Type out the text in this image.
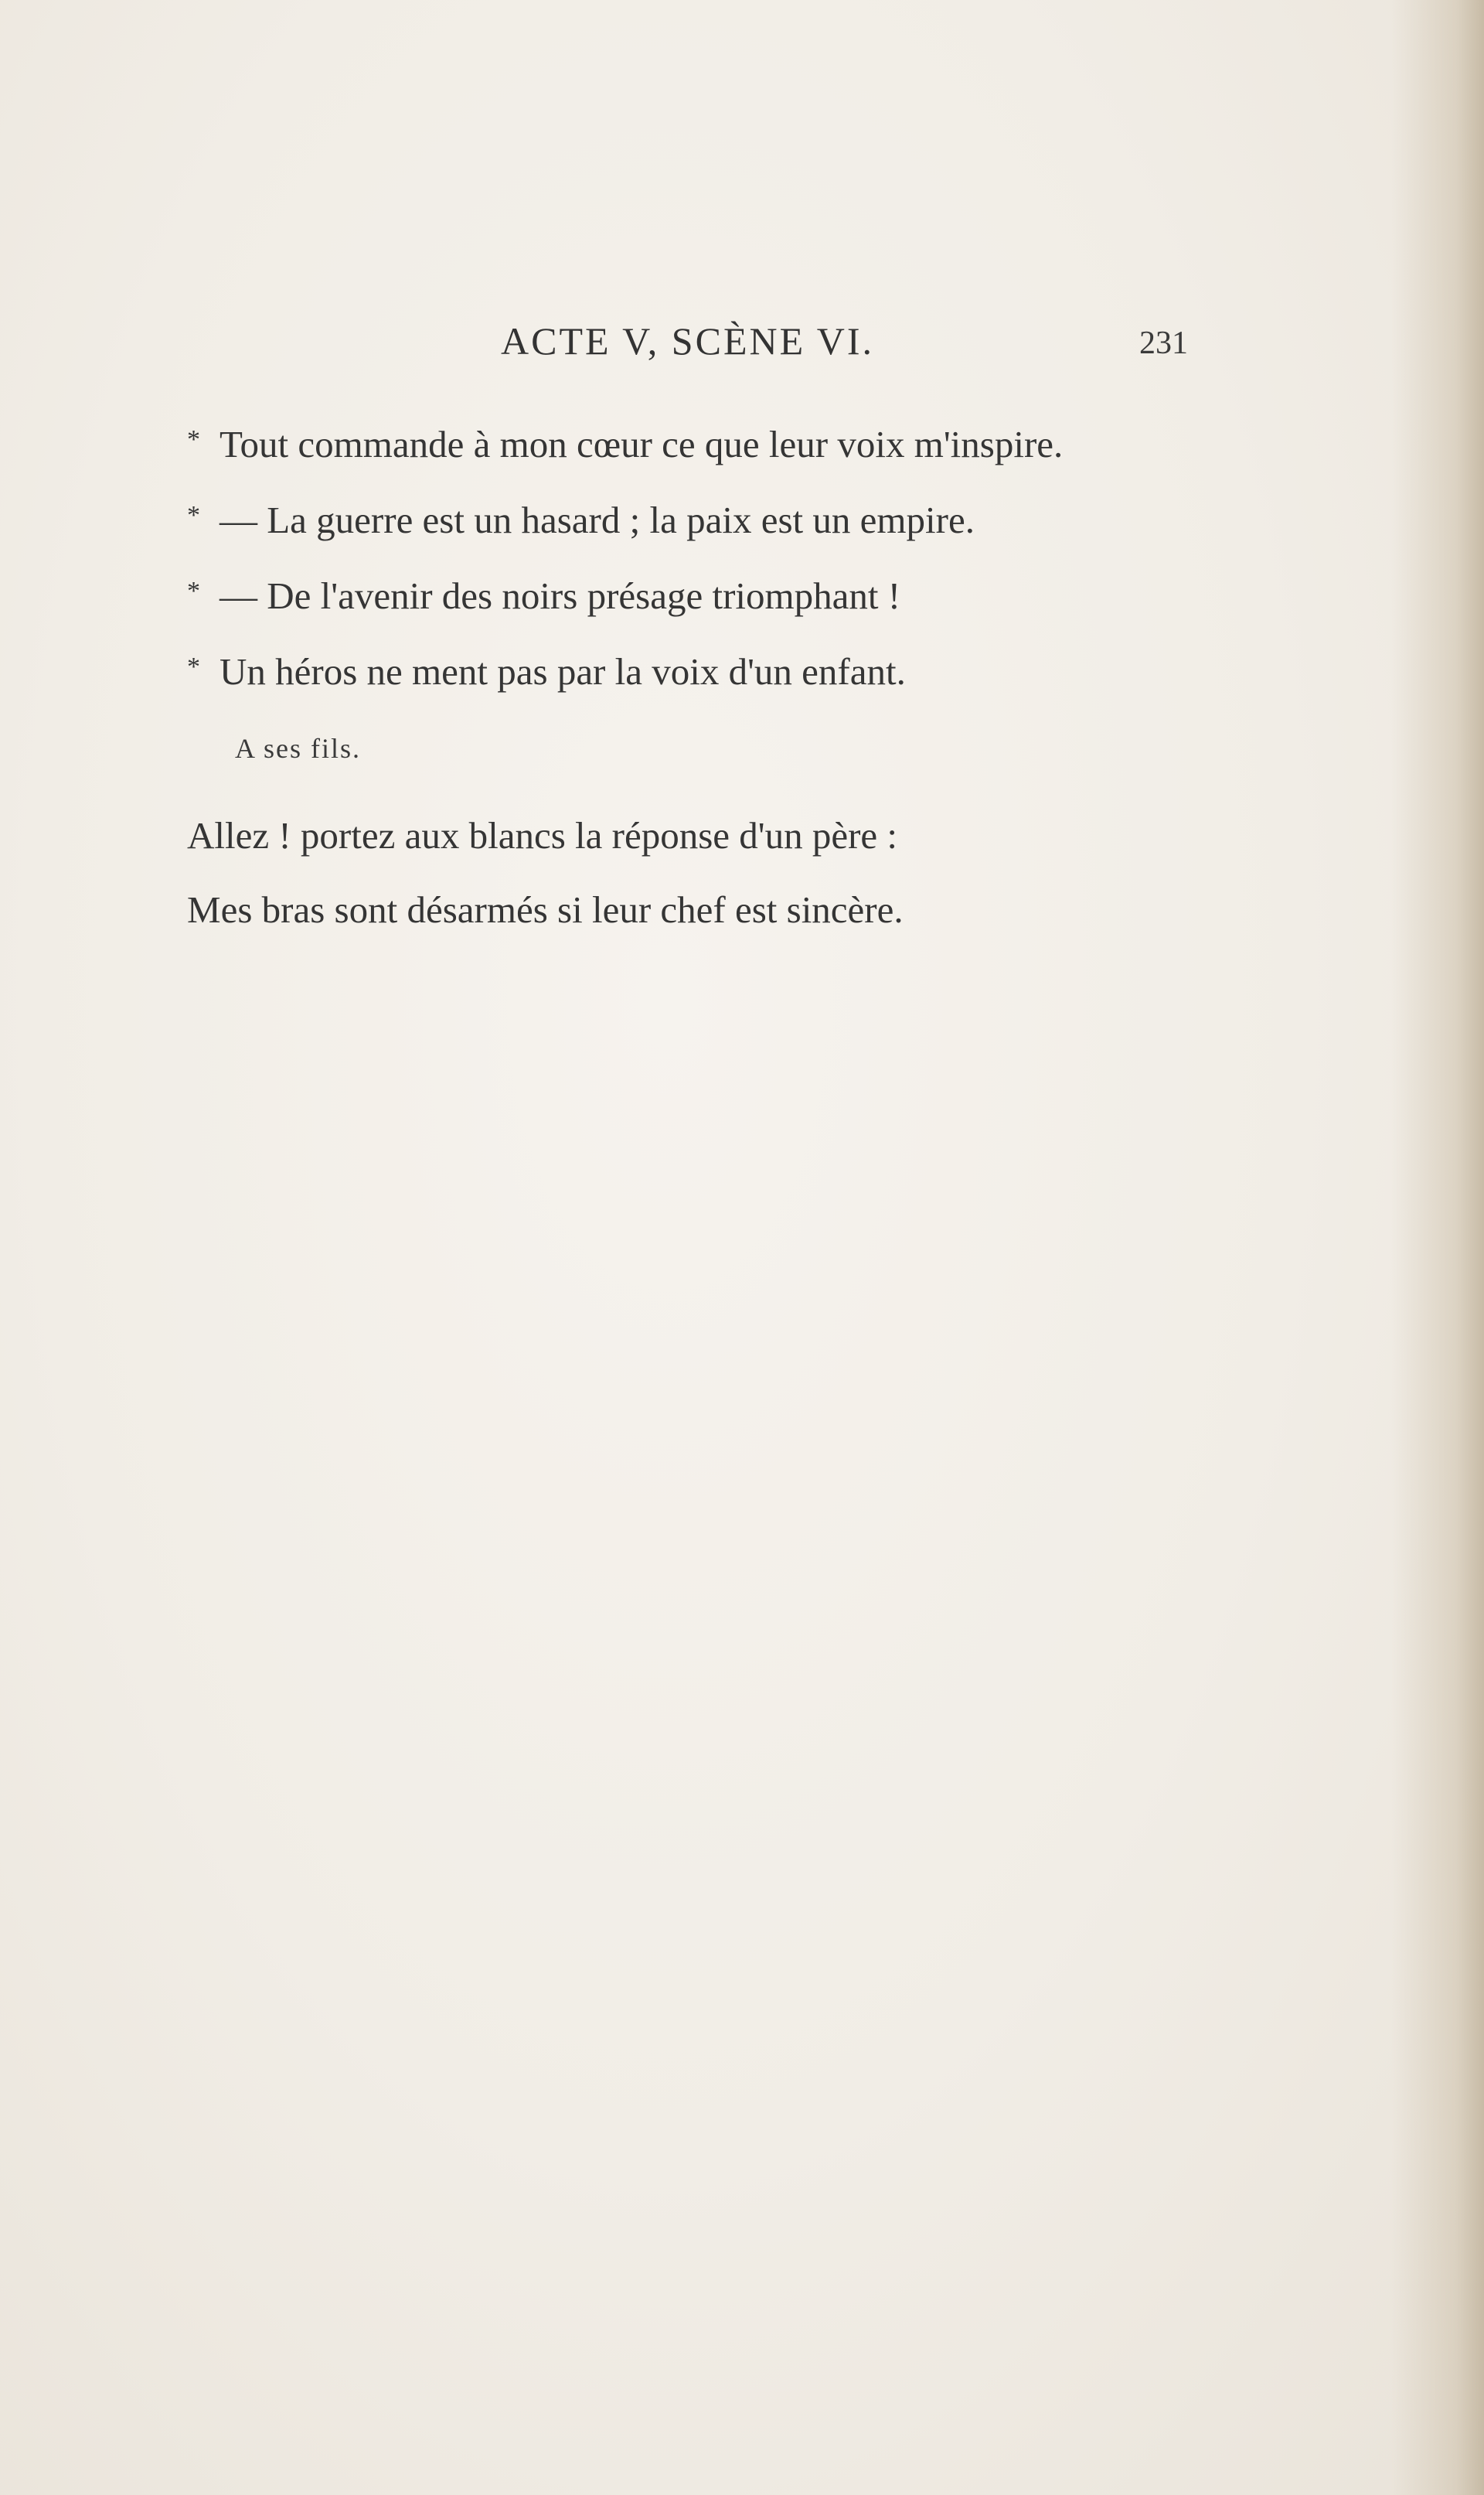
ACTE V, SCÈNE VI.	231
* Tout commande à mon cœur ce que leur voix m'inspire.
* — La guerre est un hasard ; la paix est un empire.
* — De l'avenir des noirs présage triomphant !
* Un héros ne ment pas par la voix d'un enfant.
A ses fils.
Allez ! portez aux blancs la réponse d'un père :
Mes bras sont désarmés si leur chef est sincère.
